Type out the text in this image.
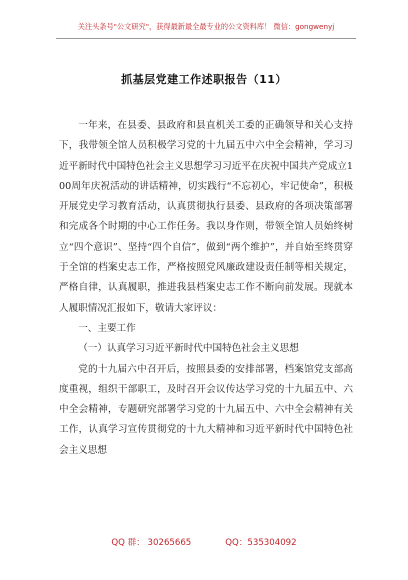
关注头条号"公文研究"，获得最新最全最专业的公文资料库！ 微信：gongwenyj
抓基层党建工作述职报告（11）

一年来，在县委、县政府和县直机关工委的正确领导和关心支持下，我带领全馆人员积极学习党的十九届五中六中全会精神，学习习近平新时代中国特色社会主义思想学习习近平在庆祝中国共产党成立100周年庆祝活动的讲话精神，切实践行“不忘初心，牢记使命”，积极开展党史学习教育活动，认真贯彻执行县委、县政府的各项决策部署和完成各个时期的中心工作任务。我以身作则，带领全馆人员始终树立“四个意识”、坚持“四个自信”，做到“两个维护”，并自始至终贯穿于全馆的档案史志工作，严格按照党风廉政建设责任制等相关规定，严格自律，认真履职，推进我县档案史志工作不断向前发展。现就本人履职情况汇报如下，敬请大家评议：

一、主要工作

（一）认真学习习近平新时代中国特色社会主义思想

党的十九届六中召开后，按照县委的安排部署，档案馆党支部高度重视，组织干部职工，及时召开会议传达学习党的十九届五中、六中全会精神，专题研究部署学习党的十九届五中、六中全会精神有关工作，认真学习宣传贯彻党的十九大精神和习近平新时代中国特色社会主义思想

QQ 群： 30265665	QQ：535304092
